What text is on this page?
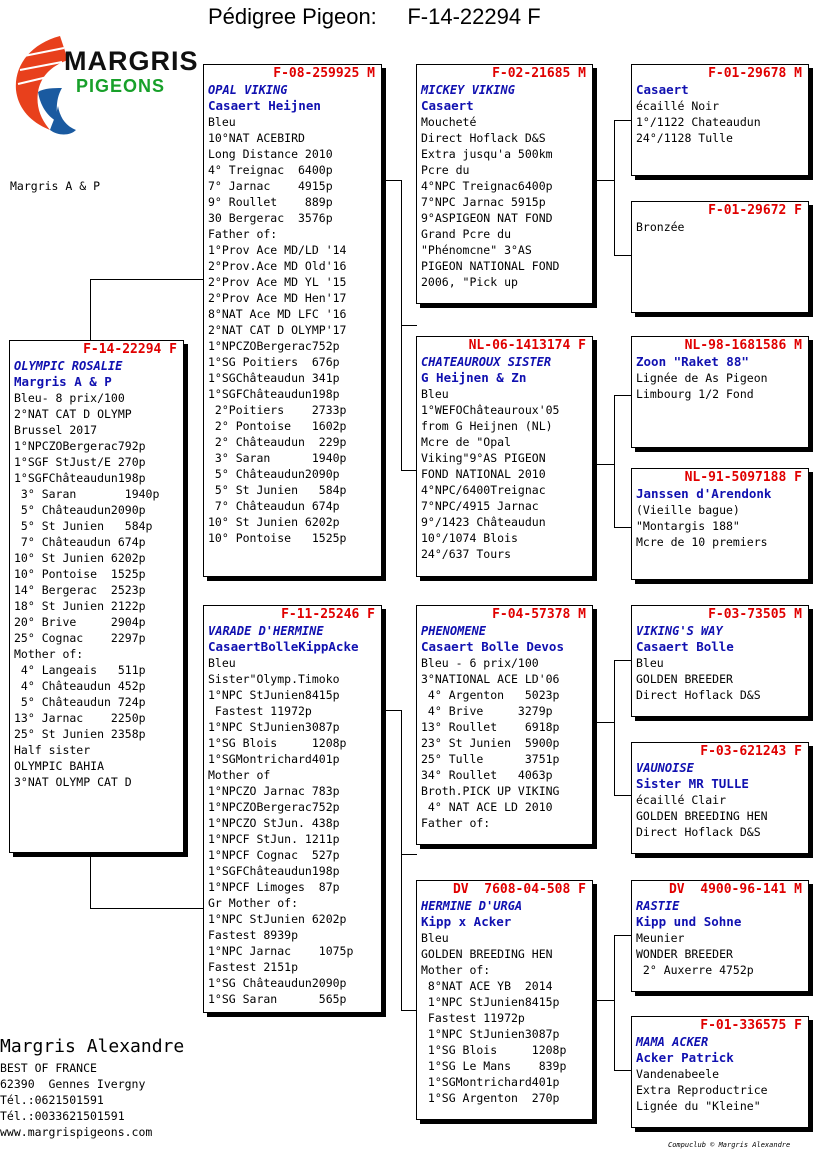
Pédigree Pigeon:     F-14-22294 F
MARGRIS
PIGEONS
Margris A & P
F-14-22294 F
OLYMPIC ROSALIE
Margris A & P
Bleu- 8 prix/100
2°NAT CAT D OLYMP
Brussel 2017
1°NPCZOBergerac792p
1°SGF StJust/E 270p
1°SGFChâteaudun198p
3° Saran       1940p
5° Châteaudun2090p
5° St Junien   584p
7° Châteaudun 674p
10° St Junien 6202p
10° Pontoise  1525p
14° Bergerac  2523p
18° St Junien 2122p
20° Brive     2904p
25° Cognac    2297p
Mother of:
4° Langeais   511p
4° Châteaudun 452p
5° Châteaudun 724p
13° Jarnac    2250p
25° St Junien 2358p
Half sister
OLYMPIC BAHIA
3°NAT OLYMP CAT D
F-08-259925 M
OPAL VIKING
Casaert Heijnen
Bleu
10°NAT ACEBIRD
Long Distance 2010
4° Treignac  6400p
7° Jarnac    4915p
9° Roullet    889p
30 Bergerac  3576p
Father of:
1°Prov Ace MD/LD '14
2°Prov.Ace MD Old'16
2°Prov Ace MD YL '15
2°Prov Ace MD Hen'17
8°NAT Ace MD LFC '16
2°NAT CAT D OLYMP'17
1°NPCZOBergerac752p
1°SG Poitiers  676p
1°SGChâteaudun 341p
1°SGFChâteaudun198p
2°Poitiers    2733p
2° Pontoise   1602p
2° Châteaudun  229p
3° Saran      1940p
5° Châteaudun2090p
5° St Junien   584p
7° Châteaudun 674p
10° St Junien 6202p
10° Pontoise   1525p
F-11-25246 F
VARADE D'HERMINE
CasaertBolleKippAcke
Bleu
Sister"Olymp.Timoko
1°NPC StJunien8415p
Fastest 11972p
1°NPC StJunien3087p
1°SG Blois     1208p
1°SGMontrichard401p
Mother of
1°NPCZO Jarnac 783p
1°NPCZOBergerac752p
1°NPCZO StJun. 438p
1°NPCF StJun. 1211p
1°NPCF Cognac  527p
1°SGFChâteaudun198p
1°NPCF Limoges  87p
Gr Mother of:
1°NPC StJunien 6202p
Fastest 8939p
1°NPC Jarnac    1075p
Fastest 2151p
1°SG Châteaudun2090p
1°SG Saran      565p
F-02-21685 M
MICKEY VIKING
Casaert
Moucheté
Direct Hoflack D&S
Extra jusqu'a 500km
Pcre du
4°NPC Treignac6400p
7°NPC Jarnac 5915p
9°ASPIGEON NAT FOND
Grand Pcre du
"Phénomcne" 3°AS
PIGEON NATIONAL FOND
2006, "Pick up
NL-06-1413174 F
CHATEAUROUX SISTER
G Heijnen & Zn
Bleu
1°WEFOChâteauroux'05
from G Heijnen (NL)
Mcre de "Opal
Viking"9°AS PIGEON
FOND NATIONAL 2010
4°NPC/6400Treignac
7°NPC/4915 Jarnac
9°/1423 Châteaudun
10°/1074 Blois
24°/637 Tours
F-04-57378 M
PHENOMENE
Casaert Bolle Devos
Bleu - 6 prix/100
3°NATIONAL ACE LD'06
4° Argenton   5023p
4° Brive     3279p
13° Roullet    6918p
23° St Junien  5900p
25° Tulle      3751p
34° Roullet   4063p
Broth.PICK UP VIKING
4° NAT ACE LD 2010
Father of:
DV  7608-04-508 F
HERMINE D'URGA
Kipp x Acker
Bleu
GOLDEN BREEDING HEN
Mother of:
8°NAT ACE YB  2014
1°NPC StJunien8415p
Fastest 11972p
1°NPC StJunien3087p
1°SG Blois     1208p
1°SG Le Mans    839p
1°SGMontrichard401p
1°SG Argenton  270p
F-01-29678 M
Casaert
écaillé Noir
1°/1122 Chateaudun
24°/1128 Tulle
F-01-29672 F
Bronzée
NL-98-1681586 M
Zoon "Raket 88"
Lignée de As Pigeon
Limbourg 1/2 Fond
NL-91-5097188 F
Janssen d'Arendonk
(Vieille bague)
"Montargis 188"
Mcre de 10 premiers
F-03-73505 M
VIKING'S WAY
Casaert Bolle
Bleu
GOLDEN BREEDER
Direct Hoflack D&S
F-03-621243 F
VAUNOISE
Sister MR TULLE
écaillé Clair
GOLDEN BREEDING HEN
Direct Hoflack D&S
DV  4900-96-141 M
RASTIE
Kipp und Sohne
Meunier
WONDER BREEDER
2° Auxerre 4752p
F-01-336575 F
MAMA ACKER
Acker Patrick
Vandenabeele
Extra Reproductrice
Lignée du "Kleine"
Margris Alexandre
BEST OF FRANCE
62390  Gennes Ivergny
Tél.:0621501591
Tél.:0033621501591
www.margrispigeons.com
Compuclub © Margris Alexandre
